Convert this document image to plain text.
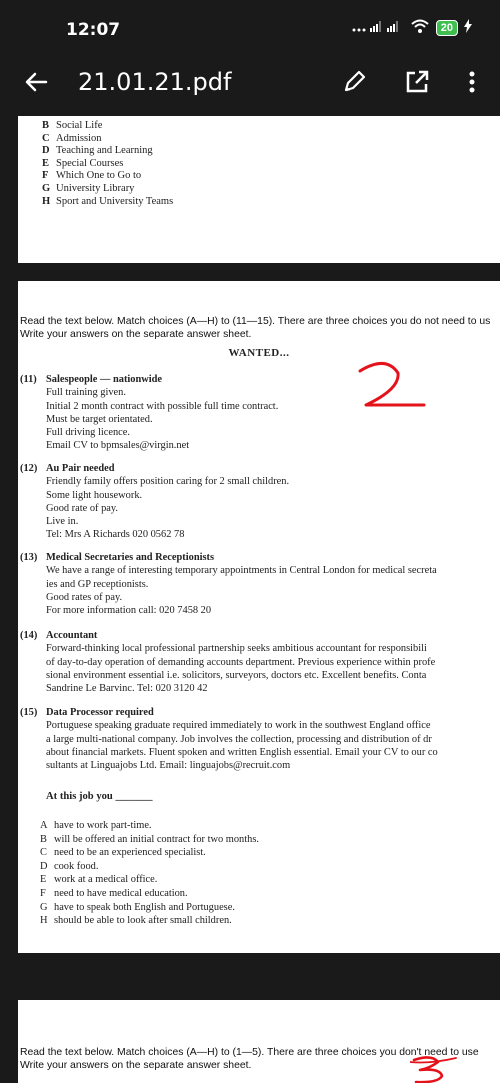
12:07	20
21.01.21.pdf
B Social Life
C Admission
D Teaching and Learning
E Special Courses
F Which One to Go to
G University Library
H Sport and University Teams
Read the text below. Match choices (A—H) to (11—15). There are three choices you do not need to us
Write your answers on the separate answer sheet.
WANTED...
(11) Salespeople — nationwide
Full training given.
Initial 2 month contract with possible full time contract.
Must be target orientated.
Full driving licence.
Email CV to bpmsales@virgin.net
(12) Au Pair needed
Friendly family offers position caring for 2 small children.
Some light housework.
Good rate of pay.
Live in.
Tel: Mrs A Richards 020 0562 78
(13) Medical Secretaries and Receptionists
We have a range of interesting temporary appointments in Central London for medical secreta
ies and GP receptionists.
Good rates of pay.
For more information call: 020 7458 20
(14) Accountant
Forward-thinking local professional partnership seeks ambitious accountant for responsibili
of day-to-day operation of demanding accounts department. Previous experience within profe
sional environment essential i.e. solicitors, surveyors, doctors etc. Excellent benefits. Conta
Sandrine Le Barvinc. Tel: 020 3120 42
(15) Data Processor required
Portuguese speaking graduate required immediately to work in the southwest England office
a large multi-national company. Job involves the collection, processing and distribution of dr
about financial markets. Fluent spoken and written English essential. Email your CV to our co
sultants at Linguajobs Ltd. Email: linguajobs@recruit.com
At this job you _______
A have to work part-time.
B will be offered an initial contract for two months.
C need to be an experienced specialist.
D cook food.
E work at a medical office.
F need to have medical education.
G have to speak both English and Portuguese.
H should be able to look after small children.
Read the text below. Match choices (A—H) to (1—5). There are three choices you don't need to use
Write your answers on the separate answer sheet.
